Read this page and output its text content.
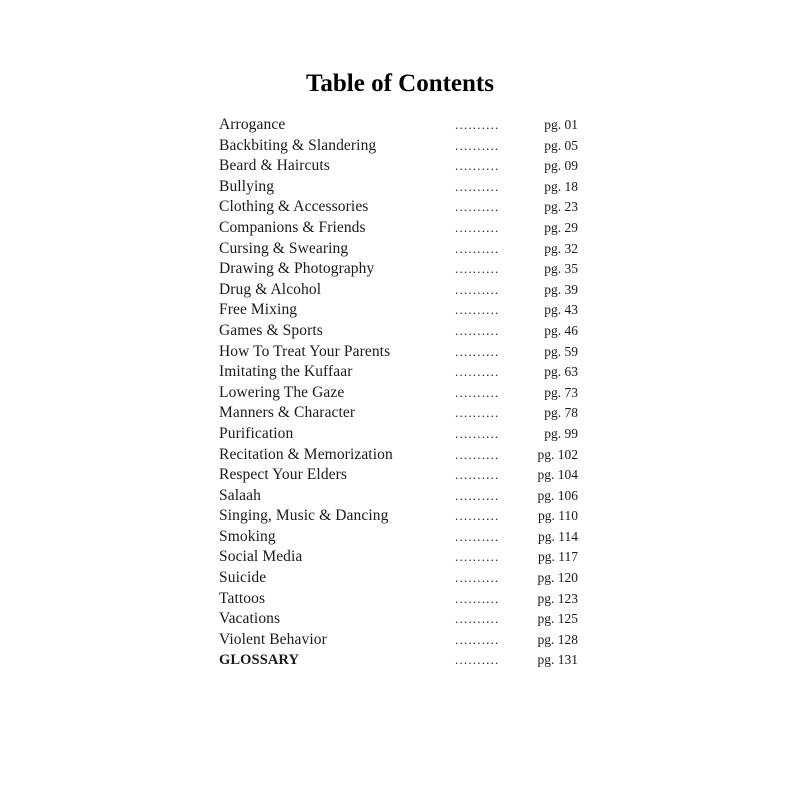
Table of Contents
Arrogance	..........	pg. 01
Backbiting & Slandering	..........	pg. 05
Beard & Haircuts	..........	pg. 09
Bullying	..........	pg. 18
Clothing & Accessories	..........	pg. 23
Companions & Friends	..........	pg. 29
Cursing & Swearing	..........	pg. 32
Drawing & Photography	..........	pg. 35
Drug & Alcohol	..........	pg. 39
Free Mixing	..........	pg. 43
Games & Sports	..........	pg. 46
How To Treat Your Parents	..........	pg. 59
Imitating the Kuffaar	..........	pg. 63
Lowering The Gaze	..........	pg. 73
Manners & Character	..........	pg. 78
Purification	..........	pg. 99
Recitation & Memorization	..........	pg. 102
Respect Your Elders	..........	pg. 104
Salaah	..........	pg. 106
Singing, Music & Dancing	..........	pg. 110
Smoking	..........	pg. 114
Social Media	..........	pg. 117
Suicide	..........	pg. 120
Tattoos	..........	pg. 123
Vacations	..........	pg. 125
Violent Behavior	..........	pg. 128
GLOSSARY	..........	pg. 131
